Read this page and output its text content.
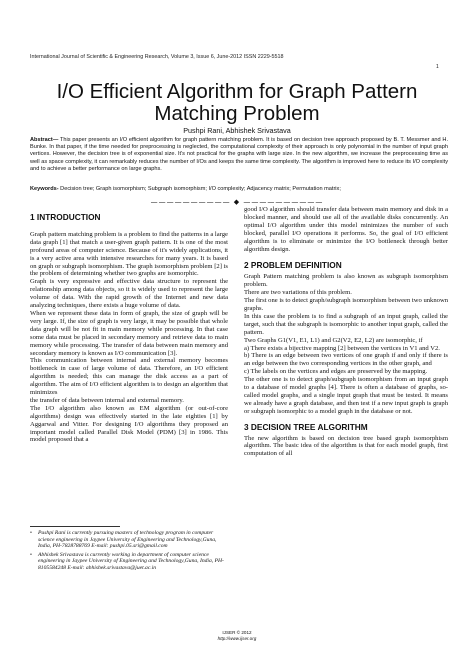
International Journal of Scientific & Engineering Research, Volume 3, Issue 6, June-2012 ISSN 2229-5518
1
I/O Efficient Algorithm for Graph Pattern
Matching Problem
Pushpi Rani, Abhishek Srivastava
Abstract— This paper presents an I/O efficient algorithm for graph pattern matching problem. It is based on decision tree approach proposed by B. T. Messmer and H. Bunke. In that paper, if the time needed for preprocessing is neglected, the computational complexity of their approach is only polynomial in the number of input graph vertices. However, the decision tree is of exponential size. It's not practical for the graphs with large size. In the new algorithm, we increase the preprocessing time as well as space complexity, it can remarkably reduces the number of I/Os and keeps the same time complexity. The algorithm is improved here to reduce its I/O complexity and to achieve a better performance on large graphs.
Keywords- Decision tree; Graph isomorphism; Subgraph isomorphism; I/O complexity; Adjacency matrix; Permutation matrix;
—————————— ◆ ——————————

1 INTRODUCTION

Graph pattern matching problem is a problem to find the patterns in a large data graph [1] that match a user-given graph pattern. It is one of the most profound areas of computer science. Because of it's widely applications, it is a very active area with intensive researches for many years. It is based on graph or subgraph isomorphism. The graph isomorphism problem [2] is the problem of determining whether two graphs are isomorphic.

Graph is very expressive and effective data structure to represent the relationship among data objects, so it is widely used to represent the large volume of data. With the rapid growth of the Internet and new data analyzing techniques, there exists a huge volume of data.

When we represent these data in form of graph, the size of graph will be very large. If, the size of graph is very large, it may be possible that whole data graph will be not fit in main memory while processing. In that case some data must be placed in secondary memory and retrieve data to main memory while processing. The transfer of data between main memory and secondary memory is known as I/O communication [3].

This communication between internal and external memory becomes bottleneck in case of large volume of data. Therefore, an I/O efficient algorithm is needed; this can manage the disk access as a part of algorithm. The aim of I/O efficient algorithm is to design an algorithm that minimizes

the transfer of data between internal and external memory.

The I/O algorithm also known as EM algorithm (or out-of-core algorithms) design was effectively started in the late eighties [1] by Aggarwal and Vitter. For designing I/O algorithms they proposed an important model called Parallel Disk Model (PDM) [3] in 1986. This model proposed that a

• Pushpi Rani is currently pursuing masters of technology program in computer science engineering in Jaypee University of Engineering and Technology,Guna, India, PH-7828788769 E-mail: pushpi.05.sri@gmail.com
• Abhishek Srivastava is currently working in department of computer science engineering in Jaypee University of Engineering and Technology,Guna, India, PH-8105584248 E-mail: abhishek.srivastava@juet.ac.in

good I/O algorithm should transfer data between main memory and disk in a blocked manner, and should use all of the available disks concurrently. An optimal I/O algorithm under this model minimizes the number of such blocked, parallel I/O operations it performs. So, the goal of I/O efficient algorithm is to eliminate or minimize the I/O bottleneck through better algorithm design.

2 PROBLEM DEFINITION

Graph Pattern matching problem is also known as subgraph isomorphism problem.

There are two variations of this problem.

The first one is to detect graph/subgraph isomorphism between two unknown graphs.

In this case the problem is to find a subgraph of an input graph, called the target, such that the subgraph is isomorphic to another input graph, called the pattern.

Two Graphs G1(V1, E1, L1) and G2(V2, E2, L2) are isomorphic, if

a) There exists a bijective mapping [2] between the vertices in V1 and V2.

b) There is an edge between two vertices of one graph if and only if there is an edge between the two corresponding vertices in the other graph, and

c) The labels on the vertices and edges are preserved by the mapping.

The other one is to detect graph/subgraph isomorphism from an input graph to a database of model graphs [4]. There is often a database of graphs, so-called model graphs, and a single input graph that must be tested. It means we already have a graph database, and then test if a new input graph is graph or subgraph isomorphic to a model graph in the database or not.

3 DECISION TREE ALGORITHM

The new algorithm is based on decision tree based graph isomorphism algorithm. The basic idea of the algorithm is that for each model graph, first computation of all

IJSER © 2012
http://www.ijser.org
